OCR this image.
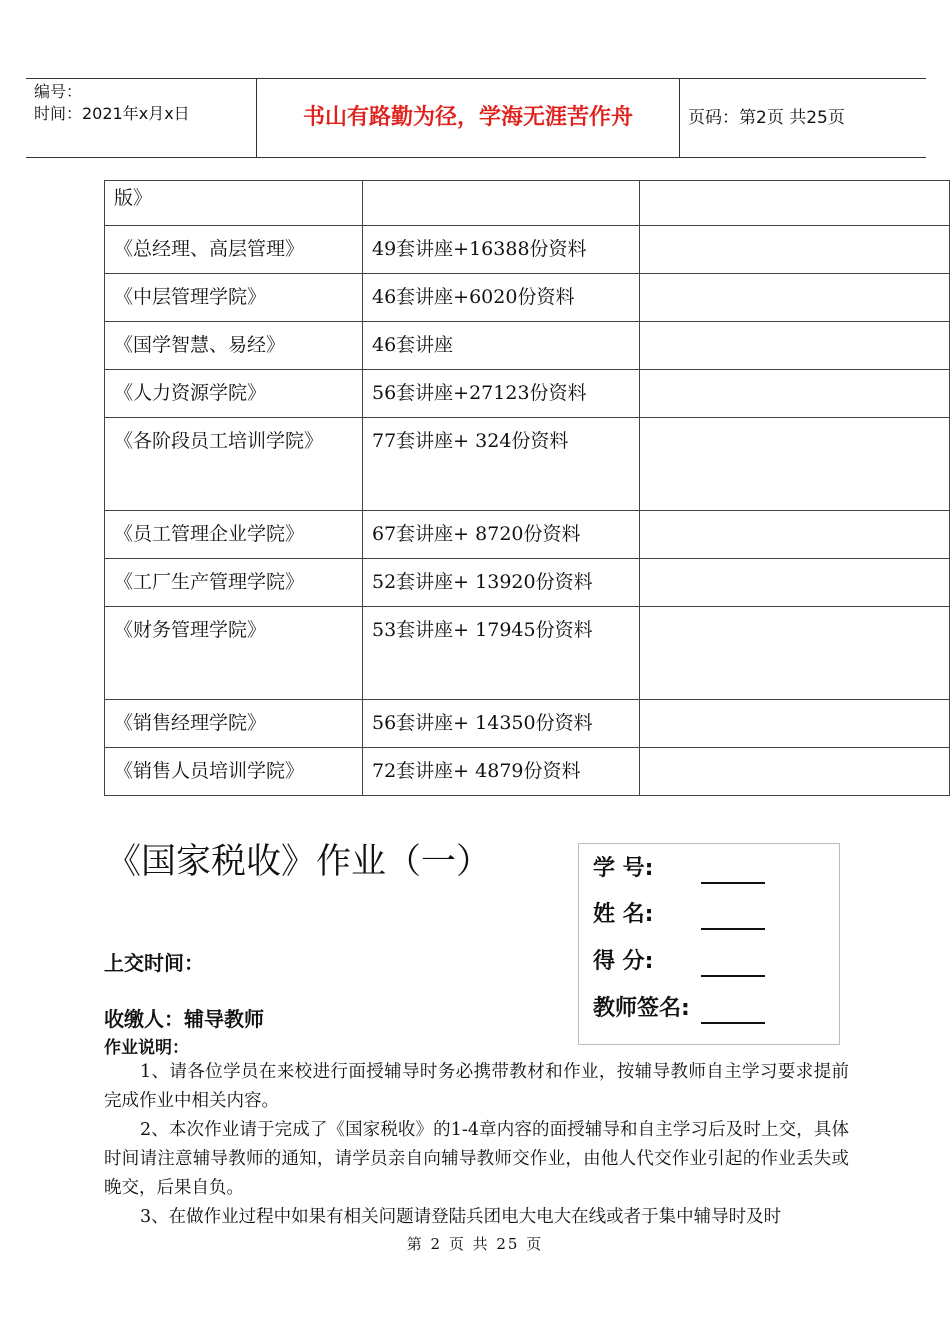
编号：
时间：2021年x月x日	书山有路勤为径，学海无涯苦作舟	页码：第2页 共25页
版》		
《总经理、高层管理》	49套讲座+16388份资料	
《中层管理学院》	46套讲座+6020份资料	
《国学智慧、易经》	46套讲座	
《人力资源学院》	56套讲座+27123份资料	
《各阶段员工培训学院》	77套讲座+ 324份资料	
《员工管理企业学院》	67套讲座+ 8720份资料	
《工厂生产管理学院》	52套讲座+ 13920份资料	
《财务管理学院》	53套讲座+ 17945份资料	
《销售经理学院》	56套讲座+ 14350份资料	
《销售人员培训学院》	72套讲座+ 4879份资料	
《国家税收》作业（一）	学 号:
姓 名:
得 分:
教师签名:
上交时间：
收缴人：辅导教师
作业说明：

1、请各位学员在来校进行面授辅导时务必携带教材和作业，按辅导教师自主学习要求提前完成作业中相关内容。

2、本次作业请于完成了《国家税收》的1-4章内容的面授辅导和自主学习后及时上交，具体时间请注意辅导教师的通知，请学员亲自向辅导教师交作业，由他人代交作业引起的作业丢失或晚交，后果自负。

3、在做作业过程中如果有相关问题请登陆兵团电大电大在线或者于集中辅导时及时

第 2 页 共 25 页
